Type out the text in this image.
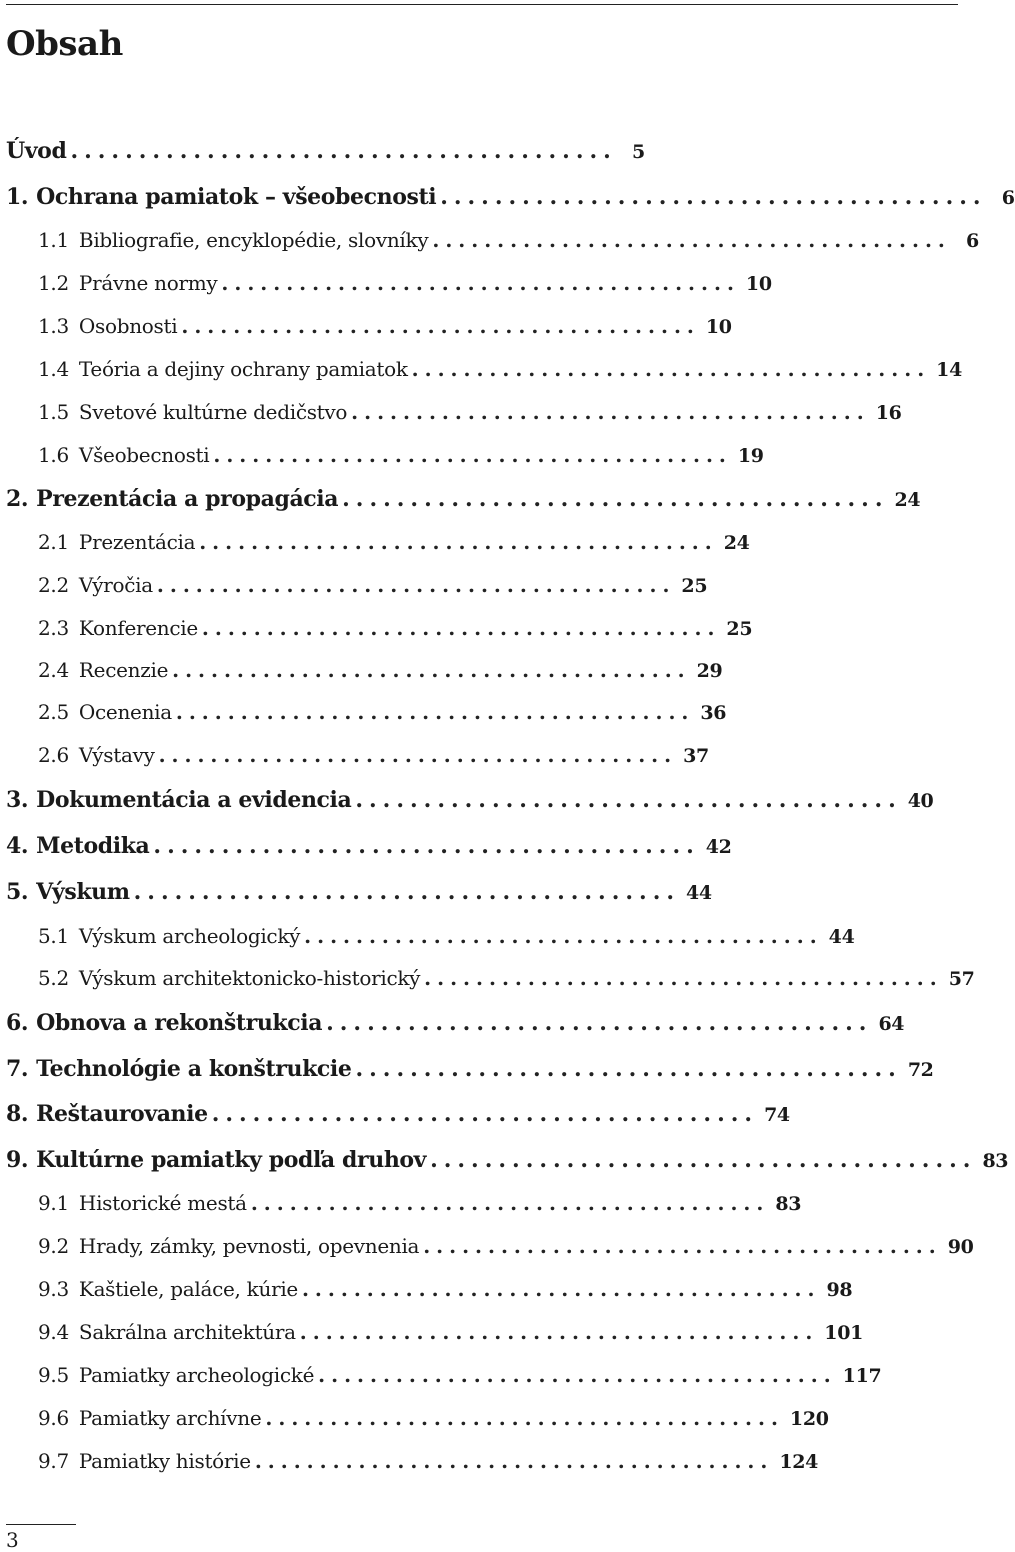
Obsah
Úvod ........................................ 5
1. Ochrana pamiatok – všeobecnosti ........................................ 6
1.1 Bibliografie, encyklopédie, slovníky ........................................ 6
1.2 Právne normy ........................................ 10
1.3 Osobnosti ........................................ 10
1.4 Teória a dejiny ochrany pamiatok ........................................ 14
1.5 Svetové kultúrne dedičstvo ........................................ 16
1.6 Všeobecnosti ........................................ 19
2. Prezentácia a propagácia ........................................ 24
2.1 Prezentácia ........................................ 24
2.2 Výročia ........................................ 25
2.3 Konferencie ........................................ 25
2.4 Recenzie ........................................ 29
2.5 Ocenenia ........................................ 36
2.6 Výstavy ........................................ 37
3. Dokumentácia a evidencia ........................................ 40
4. Metodika ........................................ 42
5. Výskum ........................................ 44
5.1 Výskum archeologický ........................................ 44
5.2 Výskum architektonicko-historický ........................................ 57
6. Obnova a rekonštrukcia ........................................ 64
7. Technológie a konštrukcie ........................................ 72
8. Reštaurovanie ........................................ 74
9. Kultúrne pamiatky podľa druhov ........................................ 83
9.1 Historické mestá ........................................ 83
9.2 Hrady, zámky, pevnosti, opevnenia ........................................ 90
9.3 Kaštiele, paláce, kúrie ........................................ 98
9.4 Sakrálna architektúra ........................................ 101
9.5 Pamiatky archeologické ........................................ 117
9.6 Pamiatky archívne ........................................ 120
9.7 Pamiatky histórie ........................................ 124
3
